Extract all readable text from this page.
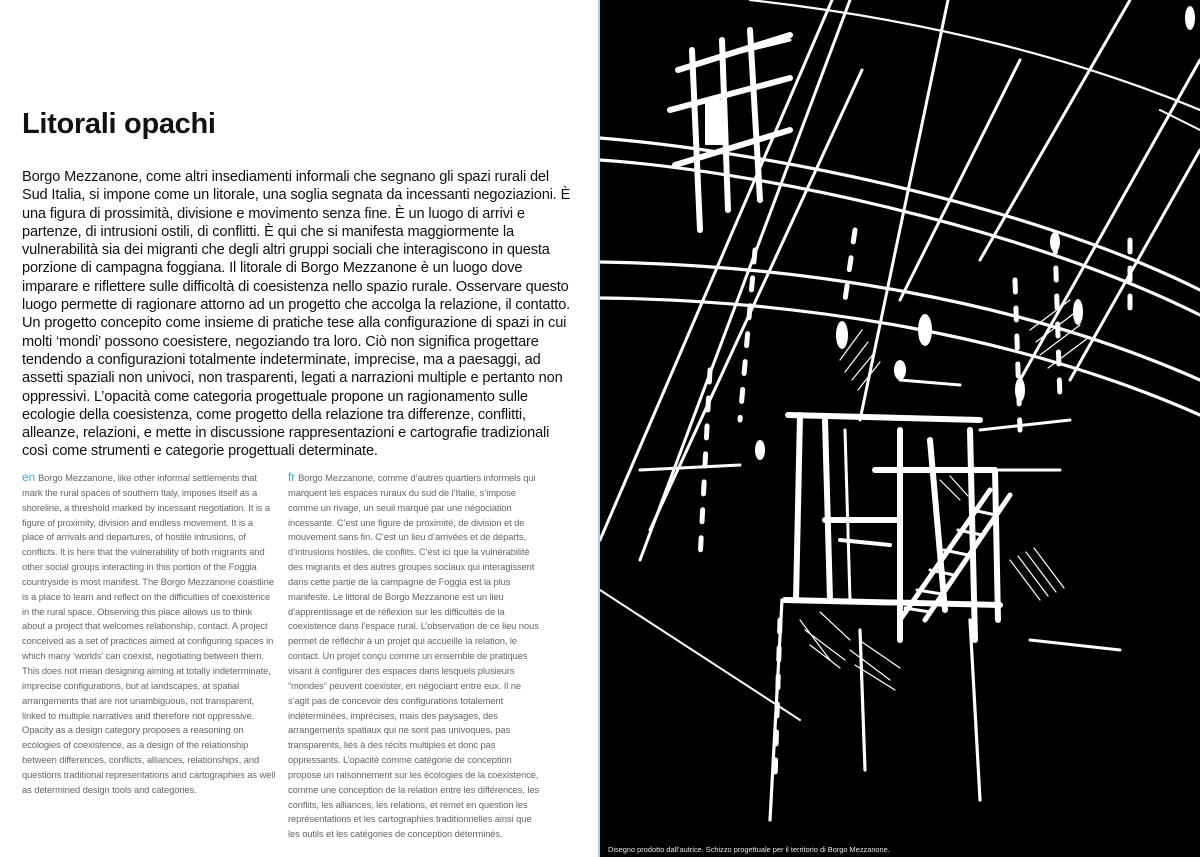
Litorali opachi

Borgo Mezzanone, come altri insediamenti informali che segnano gli spazi rurali del Sud Italia, si impone come un litorale, una soglia segnata da incessanti negoziazioni. È una figura di prossimità, divisione e movimento senza fine. È un luogo di arrivi e partenze, di intrusioni ostili, di conflitti. È qui che si manifesta maggiormente la vulnerabilità sia dei migranti che degli altri gruppi sociali che interagiscono in questa porzione di campagna foggiana. Il litorale di Borgo Mezzanone è un luogo dove imparare e riflettere sulle difficoltà di coesistenza nello spazio rurale. Osservare questo luogo permette di ragionare attorno ad un progetto che accolga la relazione, il contatto. Un progetto concepito come insieme di pratiche tese alla configurazione di spazi in cui molti ‘mondi’ possono coesistere, negoziando tra loro. Ciò non significa progettare tendendo a configurazioni totalmente indeterminate, imprecise, ma a paesaggi, ad assetti spaziali non univoci, non trasparenti, legati a narrazioni multiple e pertanto non oppressivi. L’opacità come categoria progettuale propone un ragionamento sulle ecologie della coesistenza, come progetto della relazione tra differenze, conflitti, alleanze, relazioni, e mette in discussione rappresentazioni e cartografie tradizionali così come strumenti e categorie progettuali determinate.

en Borgo Mezzanone, like other informal settlements that mark the rural spaces of southern Italy, imposes itself as a shoreline, a threshold marked by incessant negotiation. It is a figure of proximity, division and endless movement. It is a place of arrivals and departures, of hostile intrusions, of conflicts. It is here that the vulnerability of both migrants and other social groups interacting in this portion of the Foggia countryside is most manifest. The Borgo Mezzanone coastline is a place to learn and reflect on the difficulties of coexistence in the rural space. Observing this place allows us to think about a project that welcomes relationship, contact. A project conceived as a set of practices aimed at configuring spaces in which many ‘worlds’ can coexist, negotiating between them. This does not mean designing aiming at totally indeterminate, imprecise configurations, but at landscapes, at spatial arrangements that are not unambiguous, not transparent, linked to multiple narratives and therefore not oppressive. Opacity as a design category proposes a reasoning on ecologies of coexistence, as a design of the relationship between differences, conflicts, alliances, relationships, and questions traditional representations and cartographies as well as determined design tools and categories.

fr Borgo Mezzanone, comme d’autres quartiers informels qui marquent les espaces ruraux du sud de l’Italie, s’impose comme un rivage, un seuil marqué par une négociation incessante. C’est une figure de proximité, de division et de mouvement sans fin. C’est un lieu d’arrivées et de départs, d’intrusions hostiles, de conflits. C’est ici que la vulnérabilité des migrants et des autres groupes sociaux qui interagissent dans cette partie de la campagne de Foggia est la plus manifeste. Le littoral de Borgo Mezzanone est un lieu d’apprentissage et de réflexion sur les difficultés de la coexistence dans l’espace rural. L’observation de ce lieu nous permet de réfléchir à un projet qui accueille la relation, le contact. Un projet conçu comme un ensemble de pratiques visant à configurer des espaces dans lesquels plusieurs “mondes” peuvent coexister, en négociant entre eux. Il ne s’agit pas de concevoir des configurations totalement indéterminées, imprécises, mais des paysages, des arrangements spatiaux qui ne sont pas univoques, pas transparents, liés à des récits multiples et donc pas oppressants. L’opacité comme catégorie de conception propose un raisonnement sur les écologies de la coexistence, comme une conception de la relation entre les différences, les conflits, les alliances, les relations, et remet en question les représentations et les cartographies traditionnelles ainsi que les outils et les catégories de conception déterminés.

Disegno prodotto dall’autrice. Schizzo progettuale per il territorio di Borgo Mezzanone.
